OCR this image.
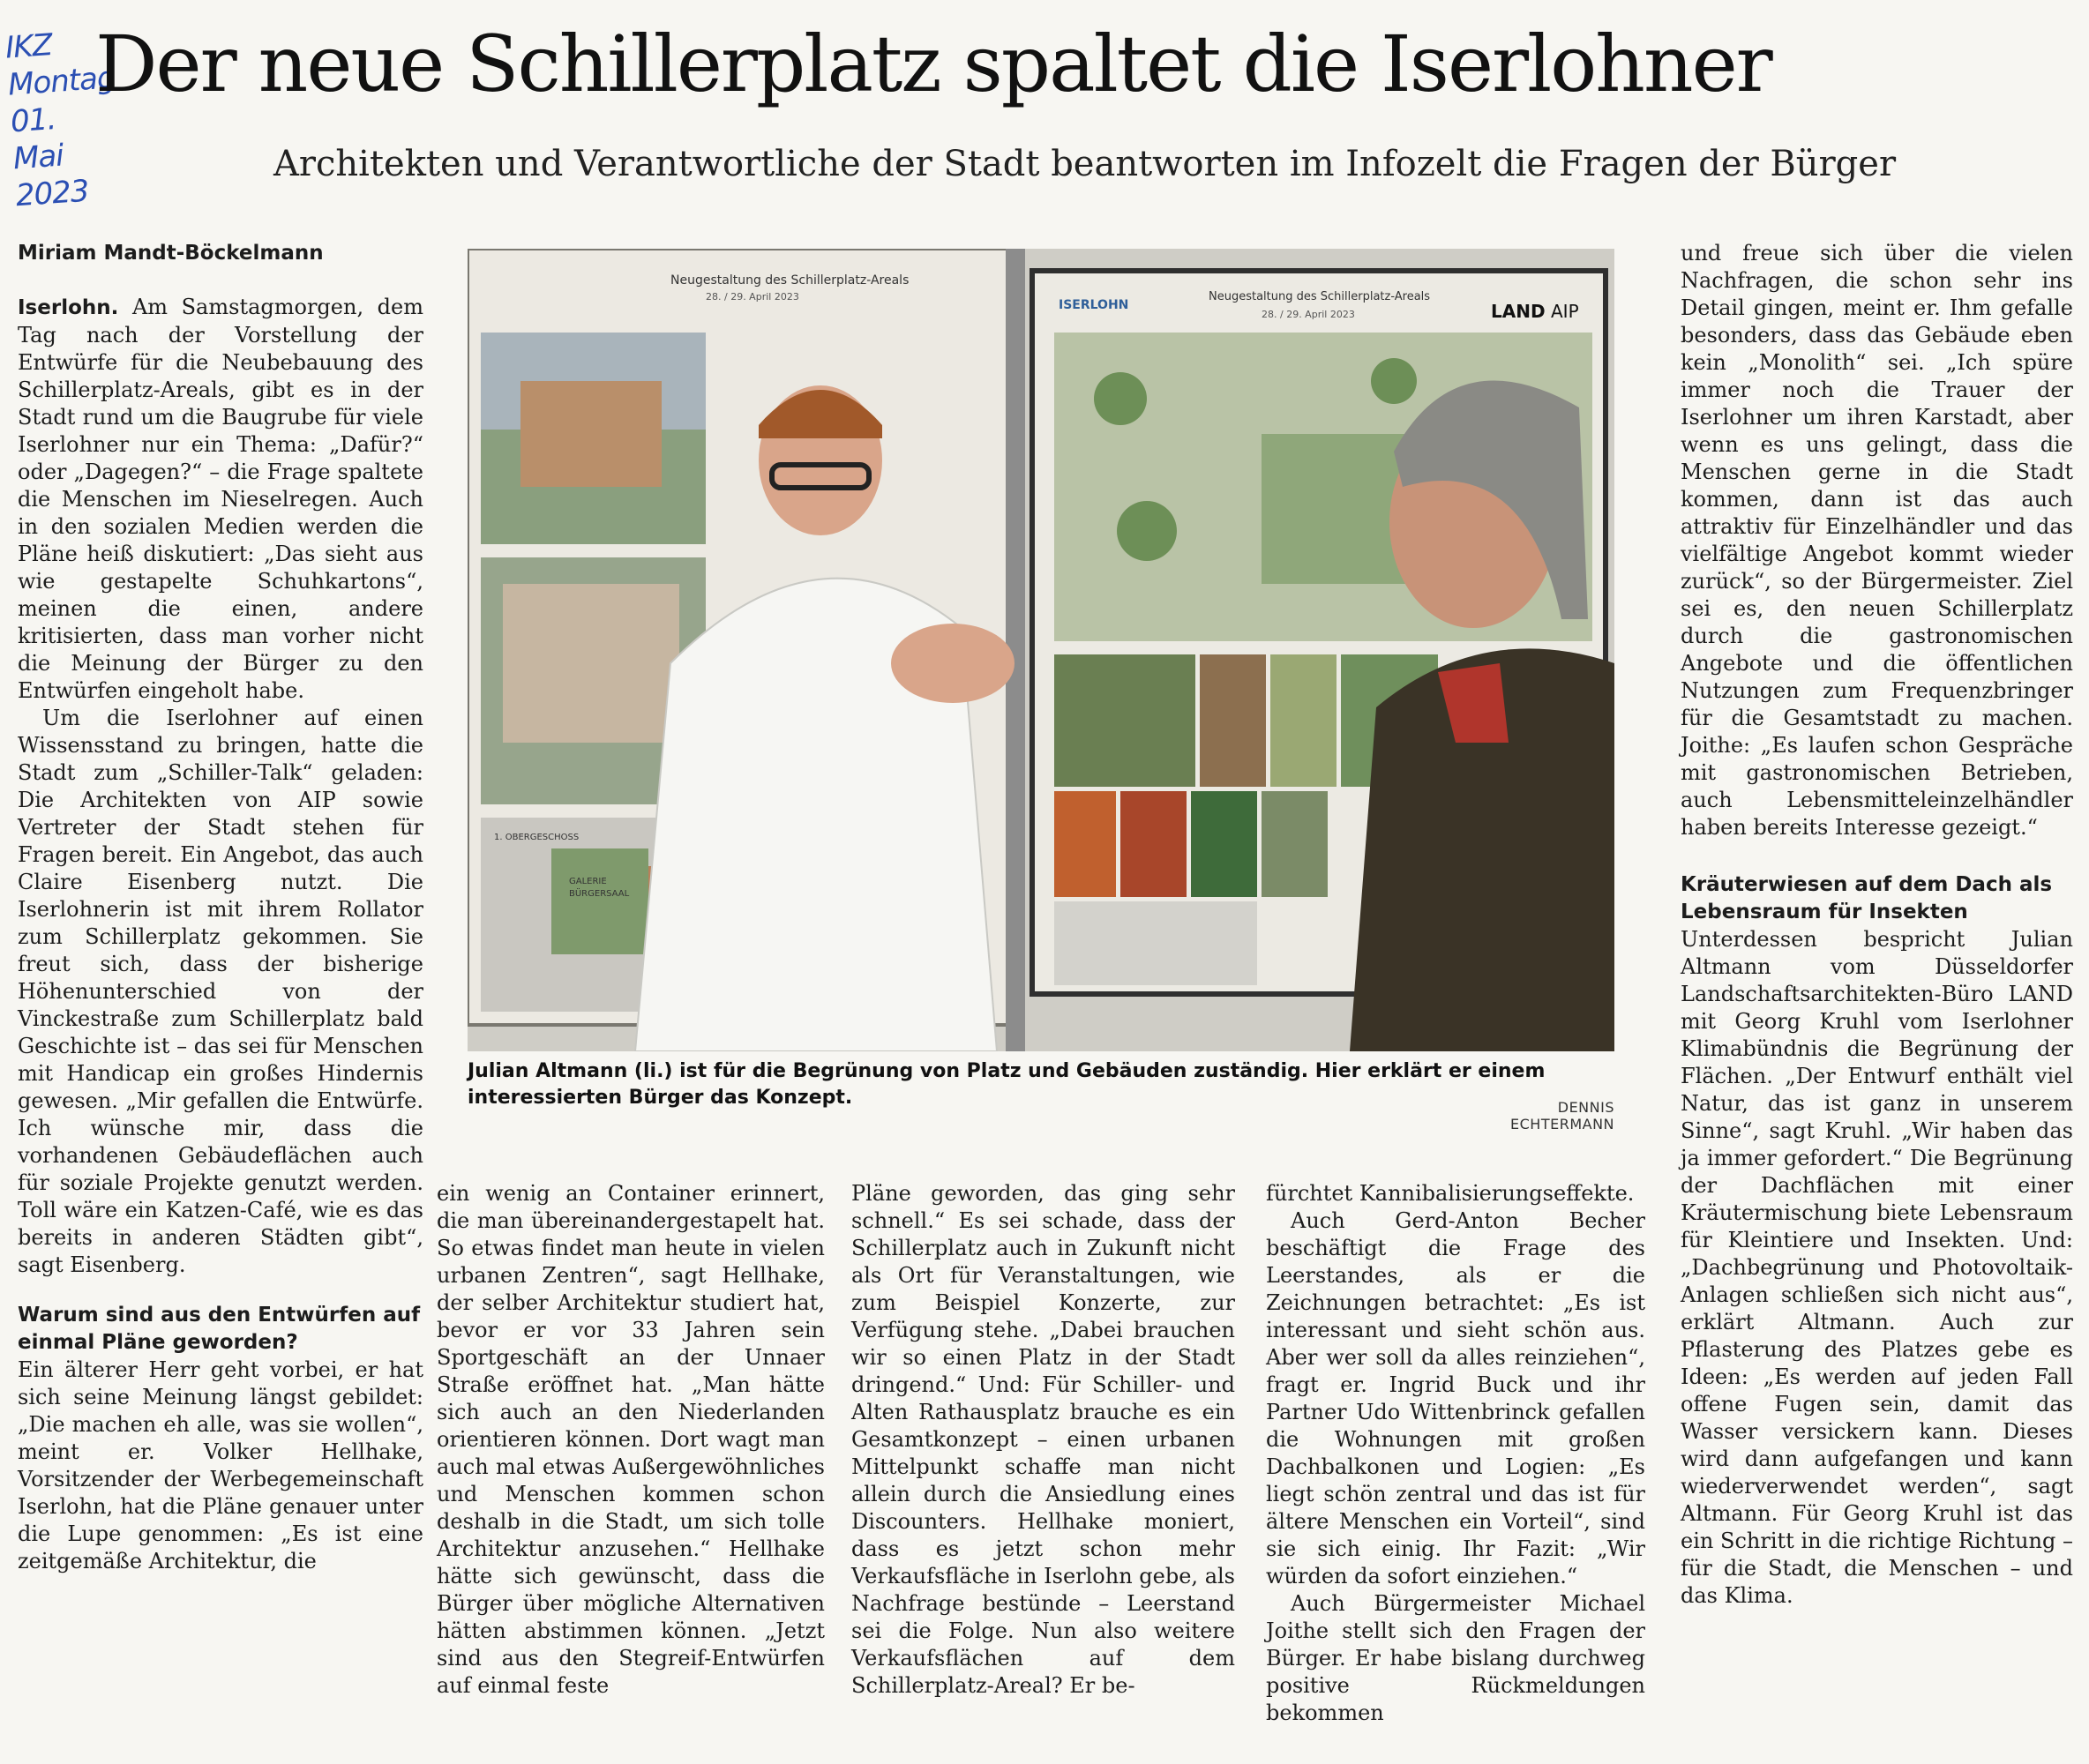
IKZ
Montag
01. Mai
2023
Der neue Schillerplatz spaltet die Iserlohner
Architekten und Verantwortliche der Stadt beantworten im Infozelt die Fragen der Bürger
Miriam Mandt-Böckelmann

Iserlohn. Am Samstagmorgen, dem Tag nach der Vorstellung der Entwürfe für die Neubebauung des Schillerplatz-Areals, gibt es in der Stadt rund um die Baugrube für viele Iserlohner nur ein Thema: „Dafür?“ oder „Dagegen?“ – die Frage spaltete die Menschen im Nieselregen. Auch in den sozialen Medien werden die Pläne heiß diskutiert: „Das sieht aus wie gestapelte Schuhkartons“, meinen die einen, andere kritisierten, dass man vorher nicht die Meinung der Bürger zu den Entwürfen eingeholt habe.

Um die Iserlohner auf einen Wissensstand zu bringen, hatte die Stadt zum „Schiller-Talk“ geladen: Die Architekten von AIP sowie Vertreter der Stadt stehen für Fragen bereit. Ein Angebot, das auch Claire Eisenberg nutzt. Die Iserlohnerin ist mit ihrem Rollator zum Schillerplatz gekommen. Sie freut sich, dass der bisherige Höhenunterschied von der Vinckestraße zum Schillerplatz bald Geschichte ist – das sei für Menschen mit Handicap ein großes Hindernis gewesen. „Mir gefallen die Entwürfe. Ich wünsche mir, dass die vorhandenen Gebäudeflächen auch für soziale Projekte genutzt werden. Toll wäre ein Katzen-Café, wie es das bereits in anderen Städten gibt“, sagt Eisenberg.

Warum sind aus den Entwürfen auf einmal Pläne geworden?

Ein älterer Herr geht vorbei, er hat sich seine Meinung längst gebildet: „Die machen eh alle, was sie wollen“, meint er. Volker Hellhake, Vorsitzender der Werbegemeinschaft Iserlohn, hat die Pläne genauer unter die Lupe genommen: „Es ist eine zeitgemäße Architektur, die

Neugestaltung des Schillerplatz-Areals
28. / 29. April 2023
1. OBERGESCHOSS
GALERIE
BÜRGERSAAL
ISERLOHN
Neugestaltung des Schillerplatz-Areals
28. / 29. April 2023	LAND AIP
Julian Altmann (li.) ist für die Begrünung von Platz und Gebäuden zuständig. Hier erklärt er einem interessierten Bürger das Konzept.	DENNIS ECHTERMANN

ein wenig an Container erinnert, die man übereinandergestapelt hat. So etwas findet man heute in vielen urbanen Zentren“, sagt Hellhake, der selber Architektur studiert hat, bevor er vor 33 Jahren sein Sportgeschäft an der Unnaer Straße eröffnet hat. „Man hätte sich auch an den Niederlanden orientieren können. Dort wagt man auch mal etwas Außergewöhnliches und Menschen kommen schon deshalb in die Stadt, um sich tolle Architektur anzusehen.“ Hellhake hätte sich gewünscht, dass die Bürger über mögliche Alternativen hätten abstimmen können. „Jetzt sind aus den Stegreif-Entwürfen auf einmal feste

Pläne geworden, das ging sehr schnell.“ Es sei schade, dass der Schillerplatz auch in Zukunft nicht als Ort für Veranstaltungen, wie zum Beispiel Konzerte, zur Verfügung stehe. „Dabei brauchen wir so einen Platz in der Stadt dringend.“ Und: Für Schiller- und Alten Rathausplatz brauche es ein Gesamtkonzept – einen urbanen Mittelpunkt schaffe man nicht allein durch die Ansiedlung eines Discounters. Hellhake moniert, dass es jetzt schon mehr Verkaufsfläche in Iserlohn gebe, als Nachfrage bestünde – Leerstand sei die Folge. Nun also weitere Verkaufsflächen auf dem Schillerplatz-Areal? Er be-

fürchtet Kannibalisierungseffekte.

Auch Gerd-Anton Becher beschäftigt die Frage des Leerstandes, als er die Zeichnungen betrachtet: „Es ist interessant und sieht schön aus. Aber wer soll da alles reinziehen“, fragt er. Ingrid Buck und ihr Partner Udo Wittenbrinck gefallen die Wohnungen mit großen Dachbalkonen und Logien: „Es liegt schön zentral und das ist für ältere Menschen ein Vorteil“, sind sie sich einig. Ihr Fazit: „Wir würden da sofort einziehen.“

Auch Bürgermeister Michael Joithe stellt sich den Fragen der Bürger. Er habe bislang durchweg positive Rückmeldungen bekommen

und freue sich über die vielen Nachfragen, die schon sehr ins Detail gingen, meint er. Ihm gefalle besonders, dass das Gebäude eben kein „Monolith“ sei. „Ich spüre immer noch die Trauer der Iserlohner um ihren Karstadt, aber wenn es uns gelingt, dass die Menschen gerne in die Stadt kommen, dann ist das auch attraktiv für Einzelhändler und das vielfältige Angebot kommt wieder zurück“, so der Bürgermeister. Ziel sei es, den neuen Schillerplatz durch die gastronomischen Angebote und die öffentlichen Nutzungen zum Frequenzbringer für die Gesamtstadt zu machen. Joithe: „Es laufen schon Gespräche mit gastronomischen Betrieben, auch Lebensmitteleinzelhändler haben bereits Interesse gezeigt.“

Kräuterwiesen auf dem Dach als Lebensraum für Insekten

Unterdessen bespricht Julian Altmann vom Düsseldorfer Landschaftsarchitekten-Büro LAND mit Georg Kruhl vom Iserlohner Klimabündnis die Begrünung der Flächen. „Der Entwurf enthält viel Natur, das ist ganz in unserem Sinne“, sagt Kruhl. „Wir haben das ja immer gefordert.“ Die Begrünung der Dachflächen mit einer Kräutermischung biete Lebensraum für Kleintiere und Insekten. Und: „Dachbegrünung und Photovoltaik-Anlagen schließen sich nicht aus“, erklärt Altmann. Auch zur Pflasterung des Platzes gebe es Ideen: „Es werden auf jeden Fall offene Fugen sein, damit das Wasser versickern kann. Dieses wird dann aufgefangen und kann wiederverwendet werden“, sagt Altmann. Für Georg Kruhl ist das ein Schritt in die richtige Richtung – für die Stadt, die Menschen – und das Klima.
